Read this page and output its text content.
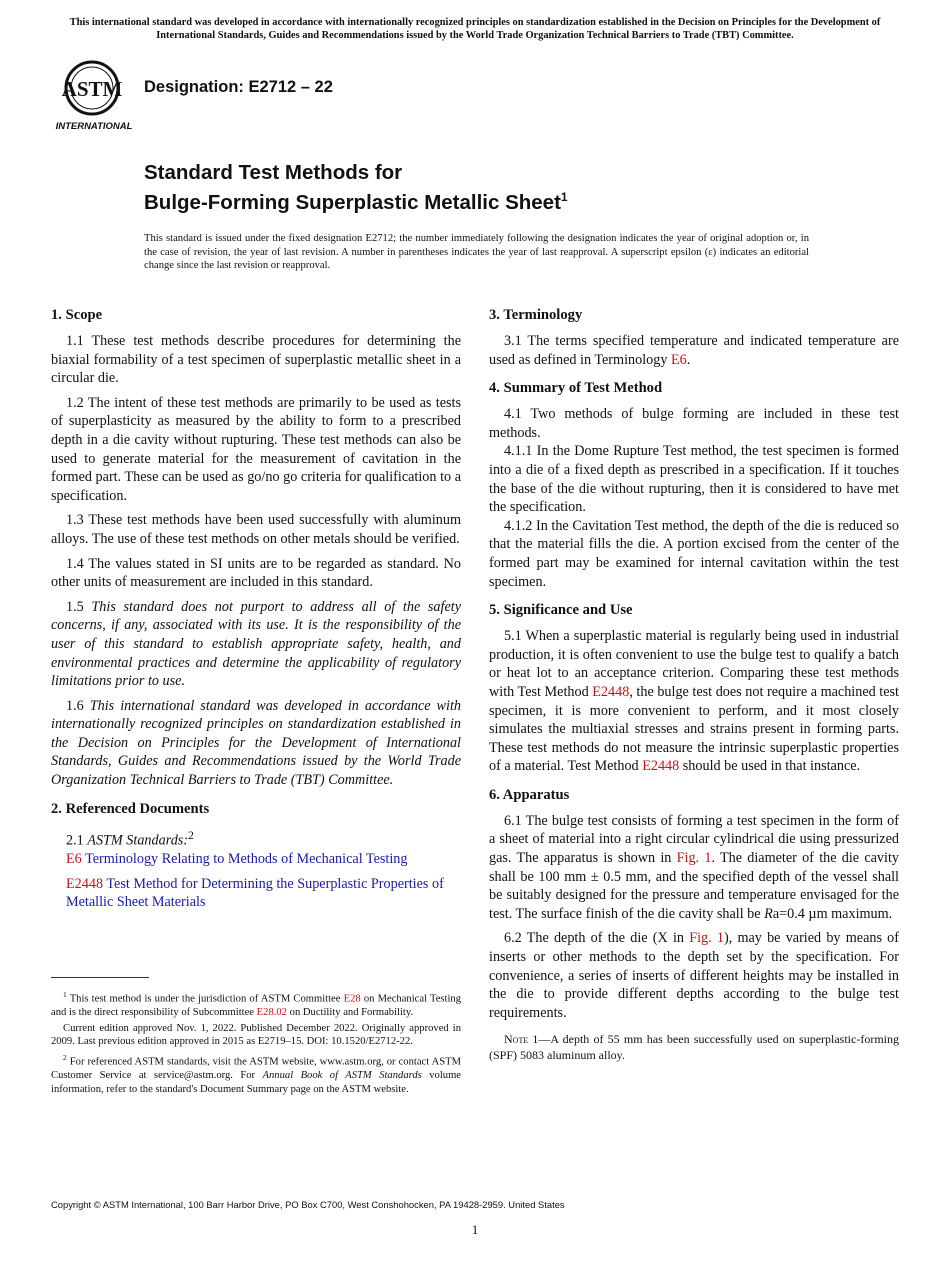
This international standard was developed in accordance with internationally recognized principles on standardization established in the Decision on Principles for the Development of International Standards, Guides and Recommendations issued by the World Trade Organization Technical Barriers to Trade (TBT) Committee.
ASTM
INTERNATIONAL
Designation: E2712 – 22
Standard Test Methods for
Bulge-Forming Superplastic Metallic Sheet$^1$
This standard is issued under the fixed designation E2712; the number immediately following the designation indicates the year of original adoption or, in the case of revision, the year of last revision. A number in parentheses indicates the year of last reapproval. A superscript epsilon (ε) indicates an editorial change since the last revision or reapproval.
1. Scope

1.1 These test methods describe procedures for determining the biaxial formability of a test specimen of superplastic metallic sheet in a circular die.

1.2 The intent of these test methods are primarily to be used as tests of superplasticity as measured by the ability to form to a prescribed depth in a die cavity without rupturing. These test methods can also be used to generate material for the measurement of cavitation in the formed part. These can be used as go/no go criteria for qualification to a specification.

1.3 These test methods have been used successfully with aluminum alloys. The use of these test methods on other metals should be verified.

1.4 The values stated in SI units are to be regarded as standard. No other units of measurement are included in this standard.

1.5 This standard does not purport to address all of the safety concerns, if any, associated with its use. It is the responsibility of the user of this standard to establish appropriate safety, health, and environmental practices and determine the applicability of regulatory limitations prior to use.

1.6 This international standard was developed in accordance with internationally recognized principles on standardization established in the Decision on Principles for the Development of International Standards, Guides and Recommendations issued by the World Trade Organization Technical Barriers to Trade (TBT) Committee.

2. Referenced Documents

2.1 ASTM Standards:$^2$

E6 Terminology Relating to Methods of Mechanical Testing

E2448 Test Method for Determining the Superplastic Properties of Metallic Sheet Materials

$^1$ This test method is under the jurisdiction of ASTM Committee E28 on Mechanical Testing and is the direct responsibility of Subcommittee E28.02 on Ductility and Formability.

Current edition approved Nov. 1, 2022. Published December 2022. Originally approved in 2009. Last previous edition approved in 2015 as E2719–15. DOI: 10.1520/E2712-22.

$^2$ For referenced ASTM standards, visit the ASTM website, www.astm.org, or contact ASTM Customer Service at service@astm.org. For Annual Book of ASTM Standards volume information, refer to the standard's Document Summary page on the ASTM website.

3. Terminology

3.1 The terms specified temperature and indicated temperature are used as defined in Terminology E6.

4. Summary of Test Method

4.1 Two methods of bulge forming are included in these test methods.

4.1.1 In the Dome Rupture Test method, the test specimen is formed into a die of a fixed depth as prescribed in a specification. If it touches the base of the die without rupturing, then it is considered to have met the specification.

4.1.2 In the Cavitation Test method, the depth of the die is reduced so that the material fills the die. A portion excised from the center of the formed part may be examined for internal cavitation within the test specimen.

5. Significance and Use

5.1 When a superplastic material is regularly being used in industrial production, it is often convenient to use the bulge test to qualify a batch or heat lot to an acceptance criterion. Comparing these test methods with Test Method E2448, the bulge test does not require a machined test specimen, it is more convenient to perform, and it most closely simulates the multiaxial stresses and strains present in forming parts. These test methods do not measure the intrinsic superplastic properties of a material. Test Method E2448 should be used in that instance.

6. Apparatus

6.1 The bulge test consists of forming a test specimen in the form of a sheet of material into a right circular cylindrical die using pressurized gas. The apparatus is shown in Fig. 1. The diameter of the die cavity shall be 100 mm ± 0.5 mm, and the specified depth of the vessel shall be suitably designed for the pressure and temperature envisaged for the test. The surface finish of the die cavity shall be Ra=0.4 µm maximum.

6.2 The depth of the die (X in Fig. 1), may be varied by means of inserts or other methods to the depth set by the specification. For convenience, a series of inserts of different heights may be installed in the die to provide different depths according to the bulge test requirements.

Note 1—A depth of 55 mm has been successfully used on superplastic-forming (SPF) 5083 aluminum alloy.

Copyright © ASTM International, 100 Barr Harbor Drive, PO Box C700, West Conshohocken, PA 19428-2959. United States
1
